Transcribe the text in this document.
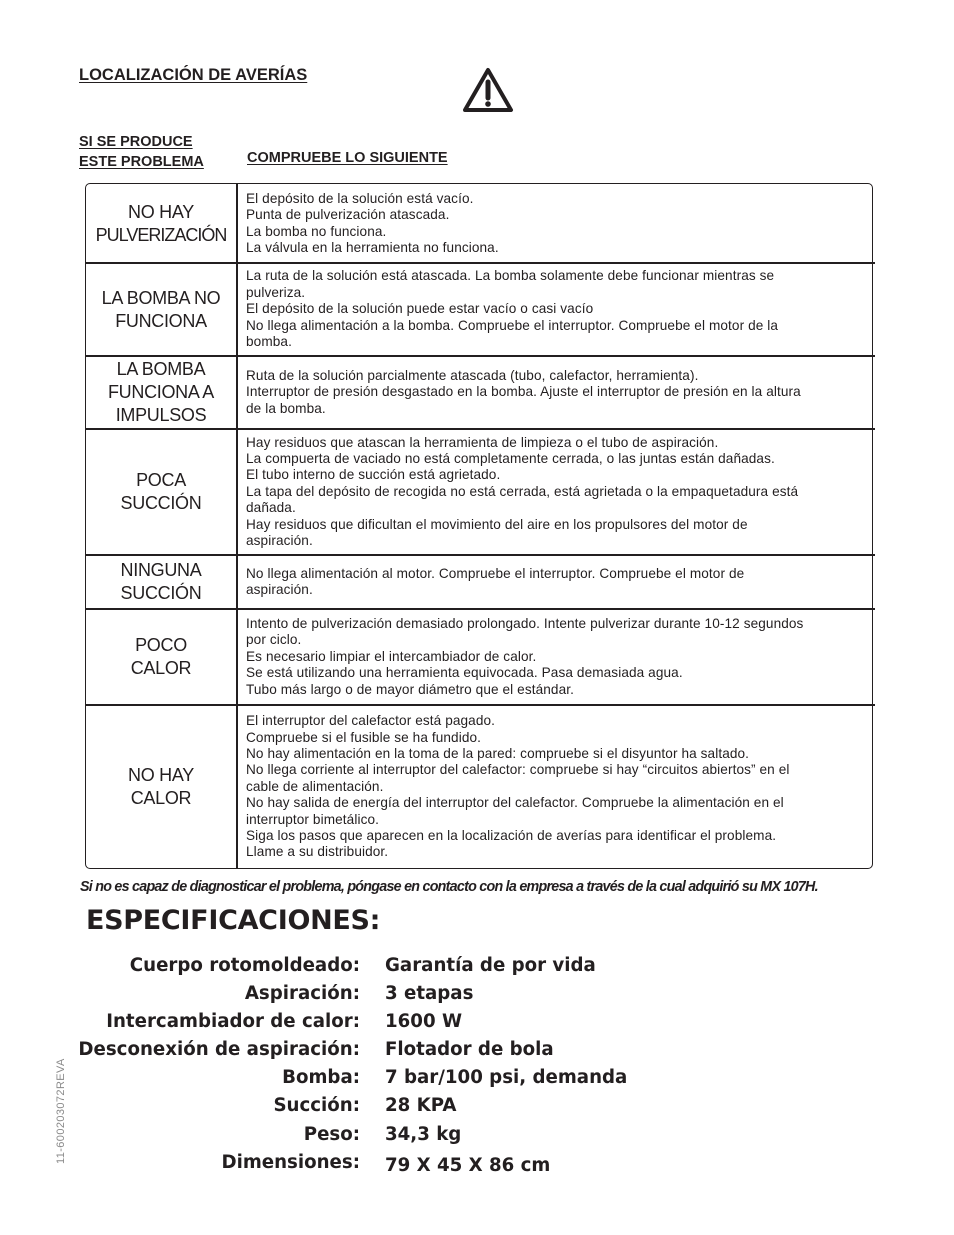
LOCALIZACIÓN DE AVERÍAS
SI SE PRODUCE
ESTE PROBLEMA	COMPRUEBE LO SIGUIENTE
NO HAY
PULVERIZACIÓN
El depósito de la solución está vacío.
Punta de pulverización atascada.
La bomba no funciona.
La válvula en la herramienta no funciona.
LA BOMBA NO
FUNCIONA
La ruta de la solución está atascada. La bomba solamente debe funcionar mientras se
pulveriza.
El depósito de la solución puede estar vacío o casi vacío
No llega alimentación a la bomba. Compruebe el interruptor. Compruebe el motor de la
bomba.
LA BOMBA
FUNCIONA A
IMPULSOS
Ruta de la solución parcialmente atascada (tubo, calefactor, herramienta).
Interruptor de presión desgastado en la bomba. Ajuste el interruptor de presión en la altura
de la bomba.
POCA
SUCCIÓN
Hay residuos que atascan la herramienta de limpieza o el tubo de aspiración.
La compuerta de vaciado no está completamente cerrada, o las juntas están dañadas.
El tubo interno de succión está agrietado.
La tapa del depósito de recogida no está cerrada, está agrietada o la empaquetadura está
dañada.
Hay residuos que dificultan el movimiento del aire en los propulsores del motor de
aspiración.
NINGUNA
SUCCIÓN
No llega alimentación al motor. Compruebe el interruptor. Compruebe el motor de
aspiración.
POCO
CALOR
Intento de pulverización demasiado prolongado. Intente pulverizar durante 10-12 segundos
por ciclo.
Es necesario limpiar el intercambiador de calor.
Se está utilizando una herramienta equivocada. Pasa demasiada agua.
Tubo más largo o de mayor diámetro que el estándar.
NO HAY
CALOR
El interruptor del calefactor está pagado.
Compruebe si el fusible se ha fundido.
No hay alimentación en la toma de la pared: compruebe si el disyuntor ha saltado.
No llega corriente al interruptor del calefactor: compruebe si hay “circuitos abiertos” en el
cable de alimentación.
No hay salida de energía del interruptor del calefactor. Compruebe la alimentación en el
interruptor bimetálico.
Siga los pasos que aparecen en la localización de averías para identificar el problema.
Llame a su distribuidor.
Si no es capaz de diagnosticar el problema, póngase en contacto con la empresa a través de la cual adquirió su MX 107H.
ESPECIFICACIONES:
Cuerpo rotomoldeado: Garantía de por vida
Aspiración: 3 etapas
Intercambiador de calor: 1600 W
Desconexión de aspiración: Flotador de bola
Bomba: 7 bar/100 psi, demanda
Succión: 28 KPA
Peso: 34,3 kg
Dimensiones: 79 X 45 X 86 cm
11-600203072REVA
